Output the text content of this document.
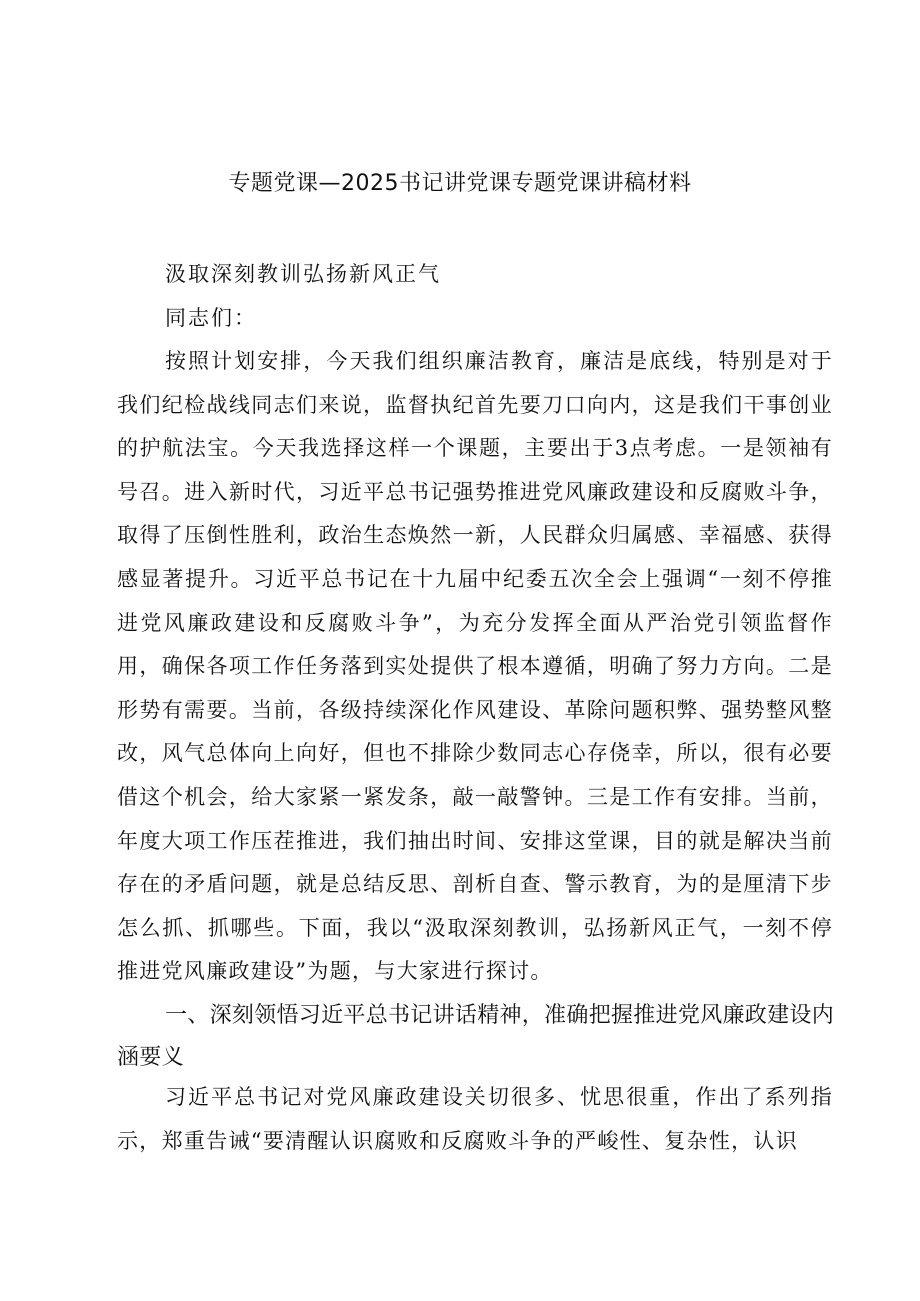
专题党课—2025书记讲党课专题党课讲稿材料

汲取深刻教训弘扬新风正气

同志们：

按照计划安排，今天我们组织廉洁教育，廉洁是底线，特别是对于我们纪检战线同志们来说，监督执纪首先要刀口向内，这是我们干事创业的护航法宝。今天我选择这样一个课题，主要出于3点考虑。一是领袖有号召。进入新时代，习近平总书记强势推进党风廉政建设和反腐败斗争，取得了压倒性胜利，政治生态焕然一新，人民群众归属感、幸福感、获得感显著提升。习近平总书记在十九届中纪委五次全会上强调“一刻不停推进党风廉政建设和反腐败斗争”，为充分发挥全面从严治党引领监督作用，确保各项工作任务落到实处提供了根本遵循，明确了努力方向。二是形势有需要。当前，各级持续深化作风建设、革除问题积弊、强势整风整改，风气总体向上向好，但也不排除少数同志心存侥幸，所以，很有必要借这个机会，给大家紧一紧发条，敲一敲警钟。三是工作有安排。当前，年度大项工作压茬推进，我们抽出时间、安排这堂课，目的就是解决当前存在的矛盾问题，就是总结反思、剖析自查、警示教育，为的是厘清下步怎么抓、抓哪些。下面，我以“汲取深刻教训，弘扬新风正气，一刻不停推进党风廉政建设”为题，与大家进行探讨。

一、深刻领悟习近平总书记讲话精神，准确把握推进党风廉政建设内涵要义

习近平总书记对党风廉政建设关切很多、忧思很重，作出了系列指示，郑重告诫“要清醒认识腐败和反腐败斗争的严峻性、复杂性，认识
